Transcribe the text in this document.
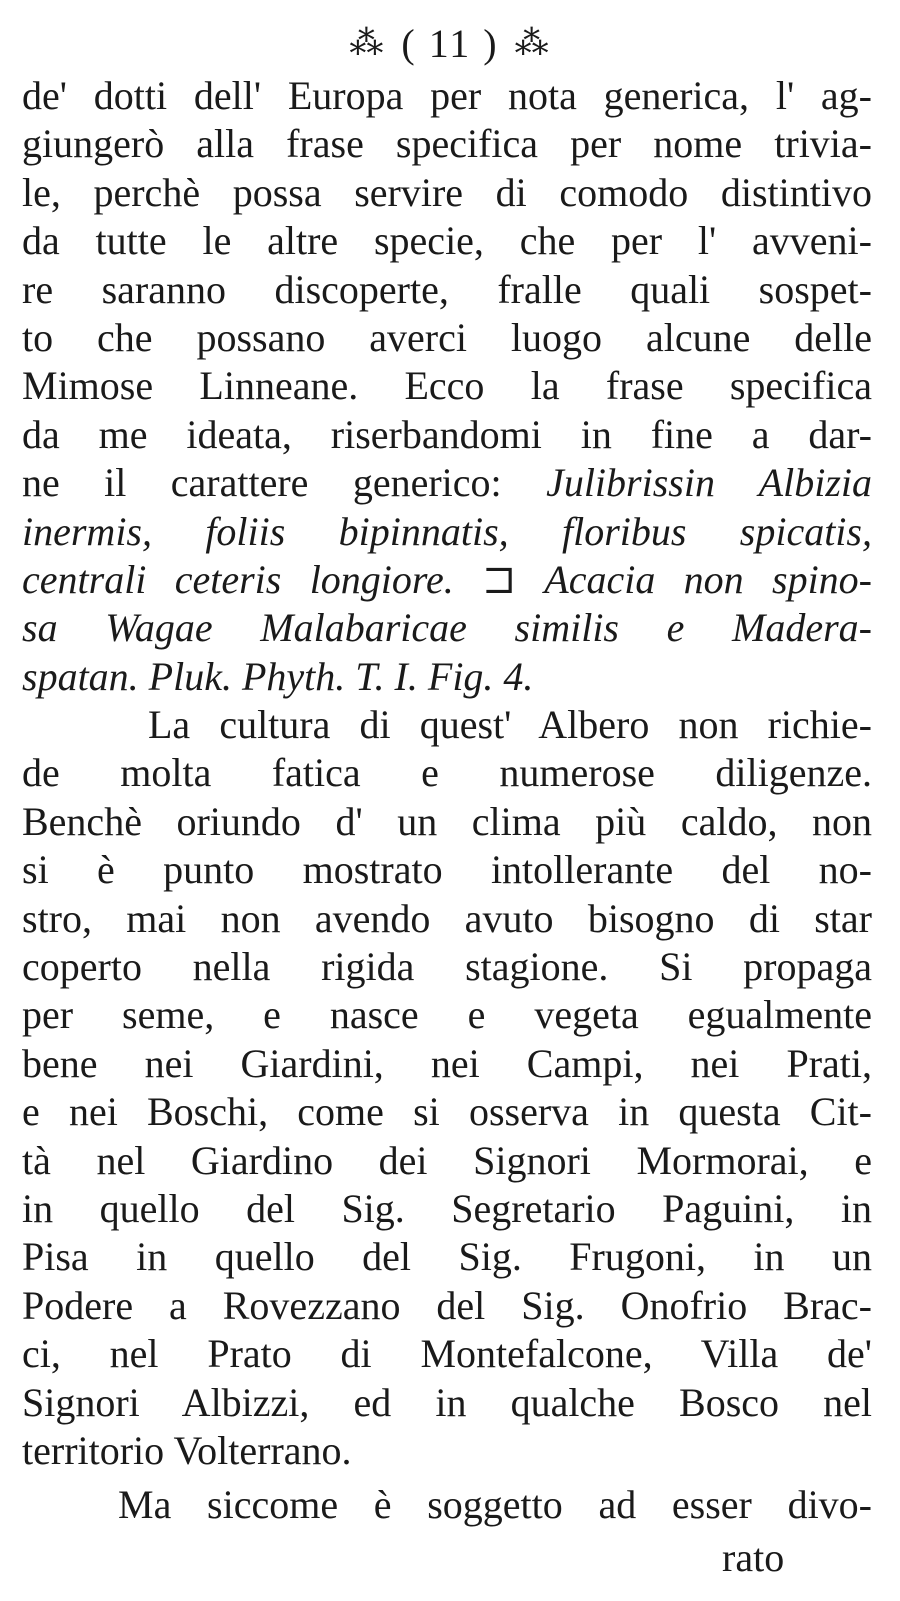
⁂ ( 11 ) ⁂
de' dotti dell' Europa per nota generica, l' ag-
giungerò alla frase specifica per nome trivia-
le, perchè possa servire di comodo distintivo
da tutte le altre specie, che per l' avveni-
re saranno discoperte, fralle quali sospet-
to che possano averci luogo alcune delle
Mimose Linneane. Ecco la frase specifica
da me ideata, riserbandomi in fine a dar-
ne il carattere generico: Julibrissin Albizia
inermis, foliis bipinnatis, floribus spicatis,
centrali ceteris longiore. ⊐ Acacia non spino-
sa Wagae Malabaricae similis e Madera-
spatan. Pluk. Phyth. T. I. Fig. 4.
La cultura di quest' Albero non richie-
de molta fatica e numerose diligenze.
Benchè oriundo d' un clima più caldo, non
si è punto mostrato intollerante del no-
stro, mai non avendo avuto bisogno di star
coperto nella rigida stagione. Si propaga
per seme, e nasce e vegeta egualmente
bene nei Giardini, nei Campi, nei Prati,
e nei Boschi, come si osserva in questa Cit-
tà nel Giardino dei Signori Mormorai, e
in quello del Sig. Segretario Paguini, in
Pisa in quello del Sig. Frugoni, in un
Podere a Rovezzano del Sig. Onofrio Brac-
ci, nel Prato di Montefalcone, Villa de'
Signori Albizzi, ed in qualche Bosco nel
territorio Volterrano.
Ma siccome è soggetto ad esser divo-
rato
